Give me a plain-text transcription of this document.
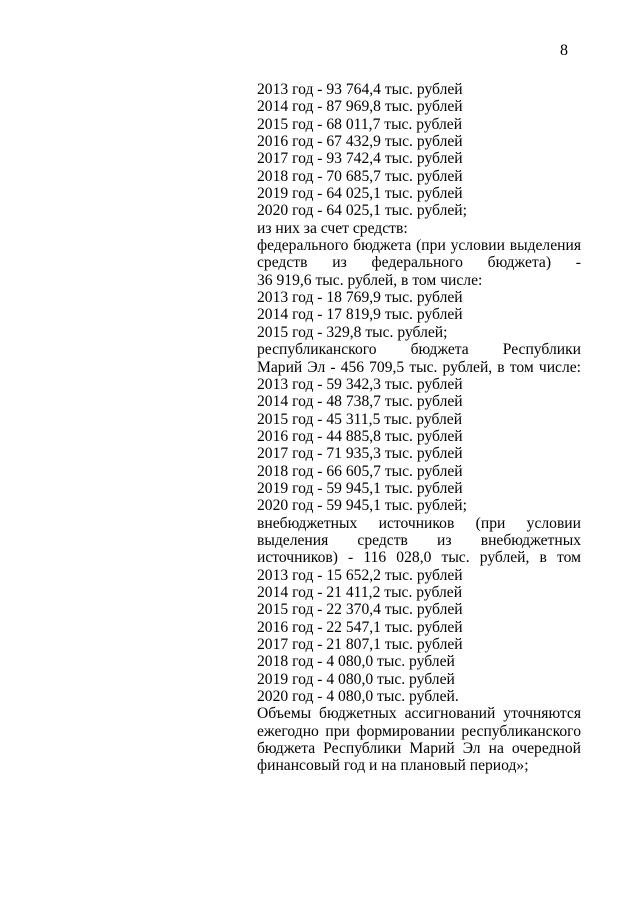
8
2013 год - 93 764,4 тыс. рублей
2014 год - 87 969,8 тыс. рублей
2015 год - 68 011,7 тыс. рублей
2016 год - 67 432,9 тыс. рублей
2017 год - 93 742,4 тыс. рублей
2018 год - 70 685,7 тыс. рублей
2019 год - 64 025,1 тыс. рублей
2020 год - 64 025,1 тыс. рублей;
из них за счет средств:
федерального бюджета (при условии выделения
средств из федерального бюджета) -
36 919,6 тыс. рублей, в том числе:
2013 год - 18 769,9 тыс. рублей
2014 год - 17 819,9 тыс. рублей
2015 год - 329,8 тыс. рублей;
республиканского бюджета Республики
Марий Эл - 456 709,5 тыс. рублей, в том числе:
2013 год - 59 342,3 тыс. рублей
2014 год - 48 738,7 тыс. рублей
2015 год - 45 311,5 тыс. рублей
2016 год - 44 885,8 тыс. рублей
2017 год - 71 935,3 тыс. рублей
2018 год - 66 605,7 тыс. рублей
2019 год - 59 945,1 тыс. рублей
2020 год - 59 945,1 тыс. рублей;
внебюджетных источников (при условии
выделения средств из внебюджетных
источников) - 116 028,0 тыс. рублей, в том
2013 год - 15 652,2 тыс. рублей
2014 год - 21 411,2 тыс. рублей
2015 год - 22 370,4 тыс. рублей
2016 год - 22 547,1 тыс. рублей
2017 год - 21 807,1 тыс. рублей
2018 год - 4 080,0 тыс. рублей
2019 год - 4 080,0 тыс. рублей
2020 год - 4 080,0 тыс. рублей.
Объемы бюджетных ассигнований уточняются
ежегодно при формировании республиканского
бюджета Республики Марий Эл на очередной
финансовый год и на плановый период»;
